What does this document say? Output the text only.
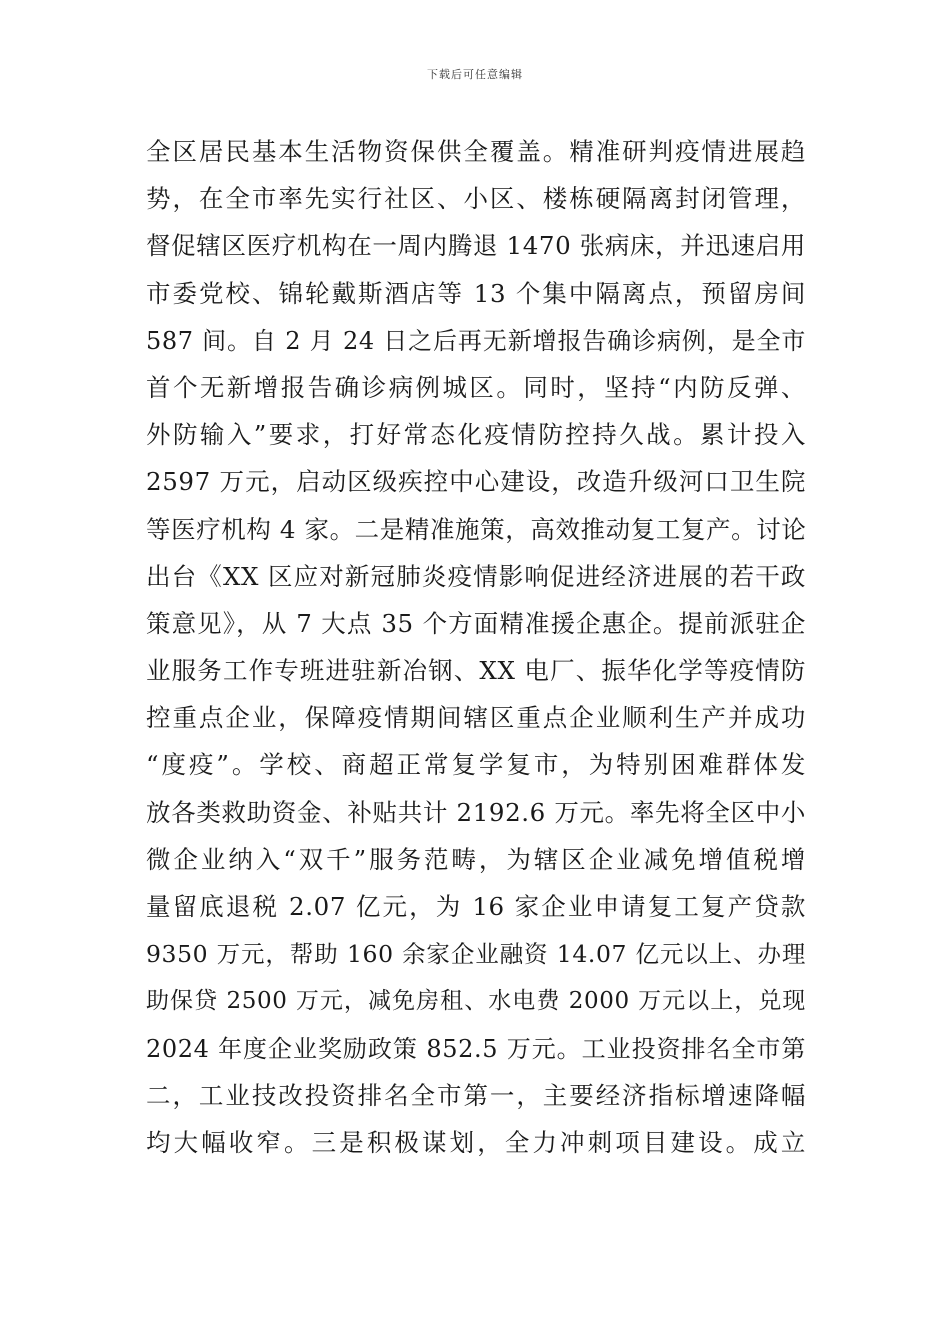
下载后可任意编辑
全区居民基本生活物资保供全覆盖。精准研判疫情进展趋
势，在全市率先实行社区、小区、楼栋硬隔离封闭管理，
督促辖区医疗机构在一周内腾退 1470 张病床，并迅速启用
市委党校、锦轮戴斯酒店等 13 个集中隔离点，预留房间
587 间。自 2 月 24 日之后再无新增报告确诊病例，是全市
首个无新增报告确诊病例城区。同时，坚持“内防反弹、
外防输入”要求，打好常态化疫情防控持久战。累计投入
2597 万元，启动区级疾控中心建设，改造升级河口卫生院
等医疗机构 4 家。二是精准施策，高效推动复工复产。讨论
出台《XX 区应对新冠肺炎疫情影响促进经济进展的若干政
策意见》，从 7 大点 35 个方面精准援企惠企。提前派驻企
业服务工作专班进驻新冶钢、XX 电厂、振华化学等疫情防
控重点企业，保障疫情期间辖区重点企业顺利生产并成功
“度疫”。学校、商超正常复学复市，为特别困难群体发
放各类救助资金、补贴共计 2192.6 万元。率先将全区中小
微企业纳入“双千”服务范畴，为辖区企业减免增值税增
量留底退税 2.07 亿元，为 16 家企业申请复工复产贷款
9350 万元，帮助 160 余家企业融资 14.07 亿元以上、办理
助保贷 2500 万元，减免房租、水电费 2000 万元以上，兑现
2024 年度企业奖励政策 852.5 万元。工业投资排名全市第
二，工业技改投资排名全市第一，主要经济指标增速降幅
均大幅收窄。三是积极谋划，全力冲刺项目建设。成立
